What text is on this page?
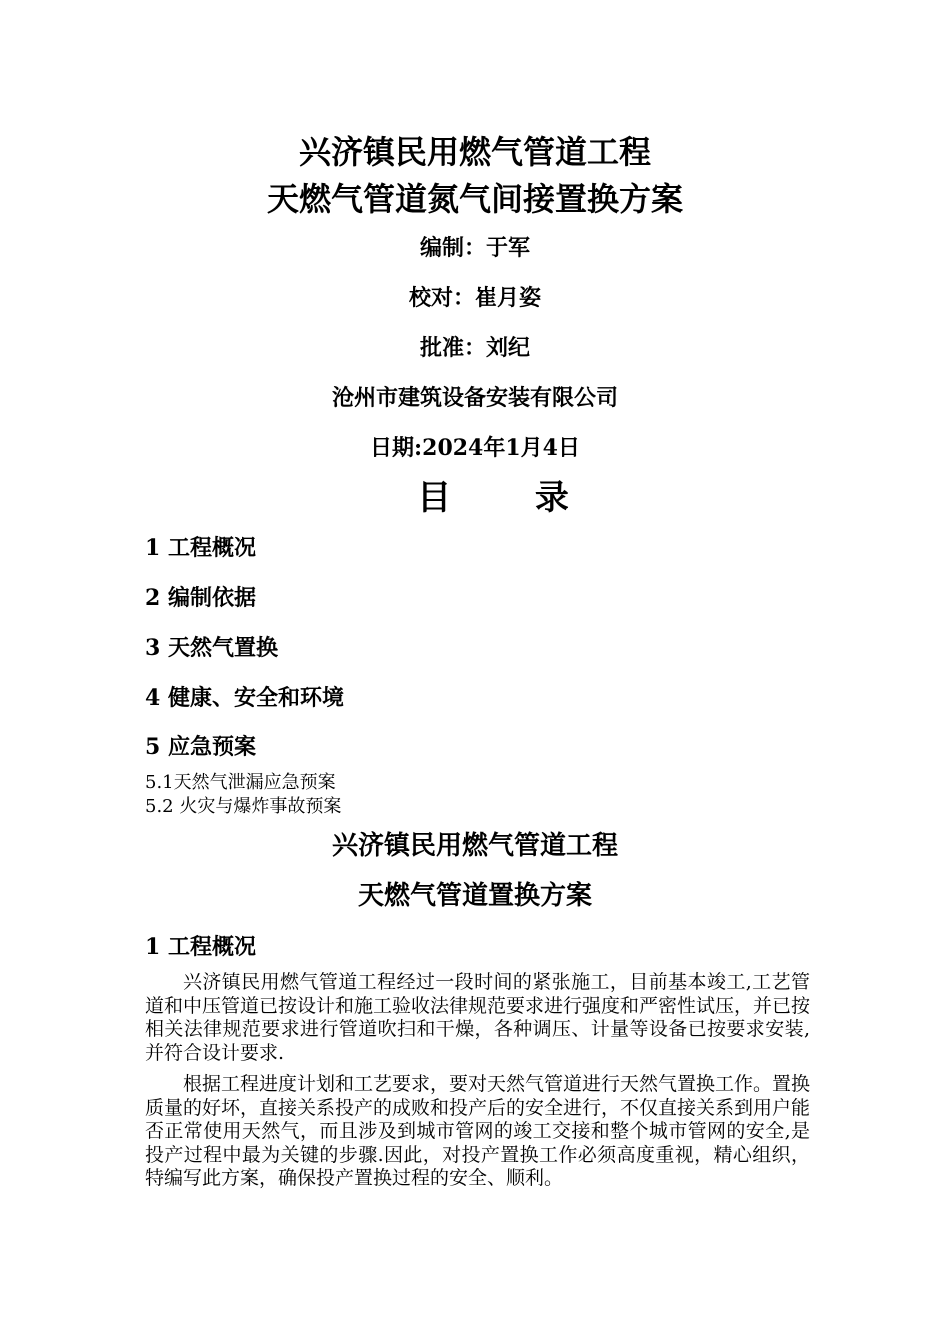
兴济镇民用燃气管道工程

天燃气管道氮气间接置换方案

编制：于军

校对：崔月姿

批准：刘纪

沧州市建筑设备安装有限公司

日期:2024年1月4日

目 录

1 工程概况

2 编制依据

3 天然气置换

4 健康、安全和环境

5 应急预案

5.1天然气泄漏应急预案

5.2 火灾与爆炸事故预案

兴济镇民用燃气管道工程

天燃气管道置换方案

1 工程概况

兴济镇民用燃气管道工程经过一段时间的紧张施工，目前基本竣工,工艺管道和中压管道已按设计和施工验收法律规范要求进行强度和严密性试压，并已按相关法律规范要求进行管道吹扫和干燥，各种调压、计量等设备已按要求安装,并符合设计要求.

根据工程进度计划和工艺要求，要对天然气管道进行天然气置换工作。置换质量的好坏，直接关系投产的成败和投产后的安全进行，不仅直接关系到用户能否正常使用天然气，而且涉及到城市管网的竣工交接和整个城市管网的安全,是投产过程中最为关键的步骤.因此，对投产置换工作必须高度重视，精心组织，特编写此方案，确保投产置换过程的安全、顺利。
